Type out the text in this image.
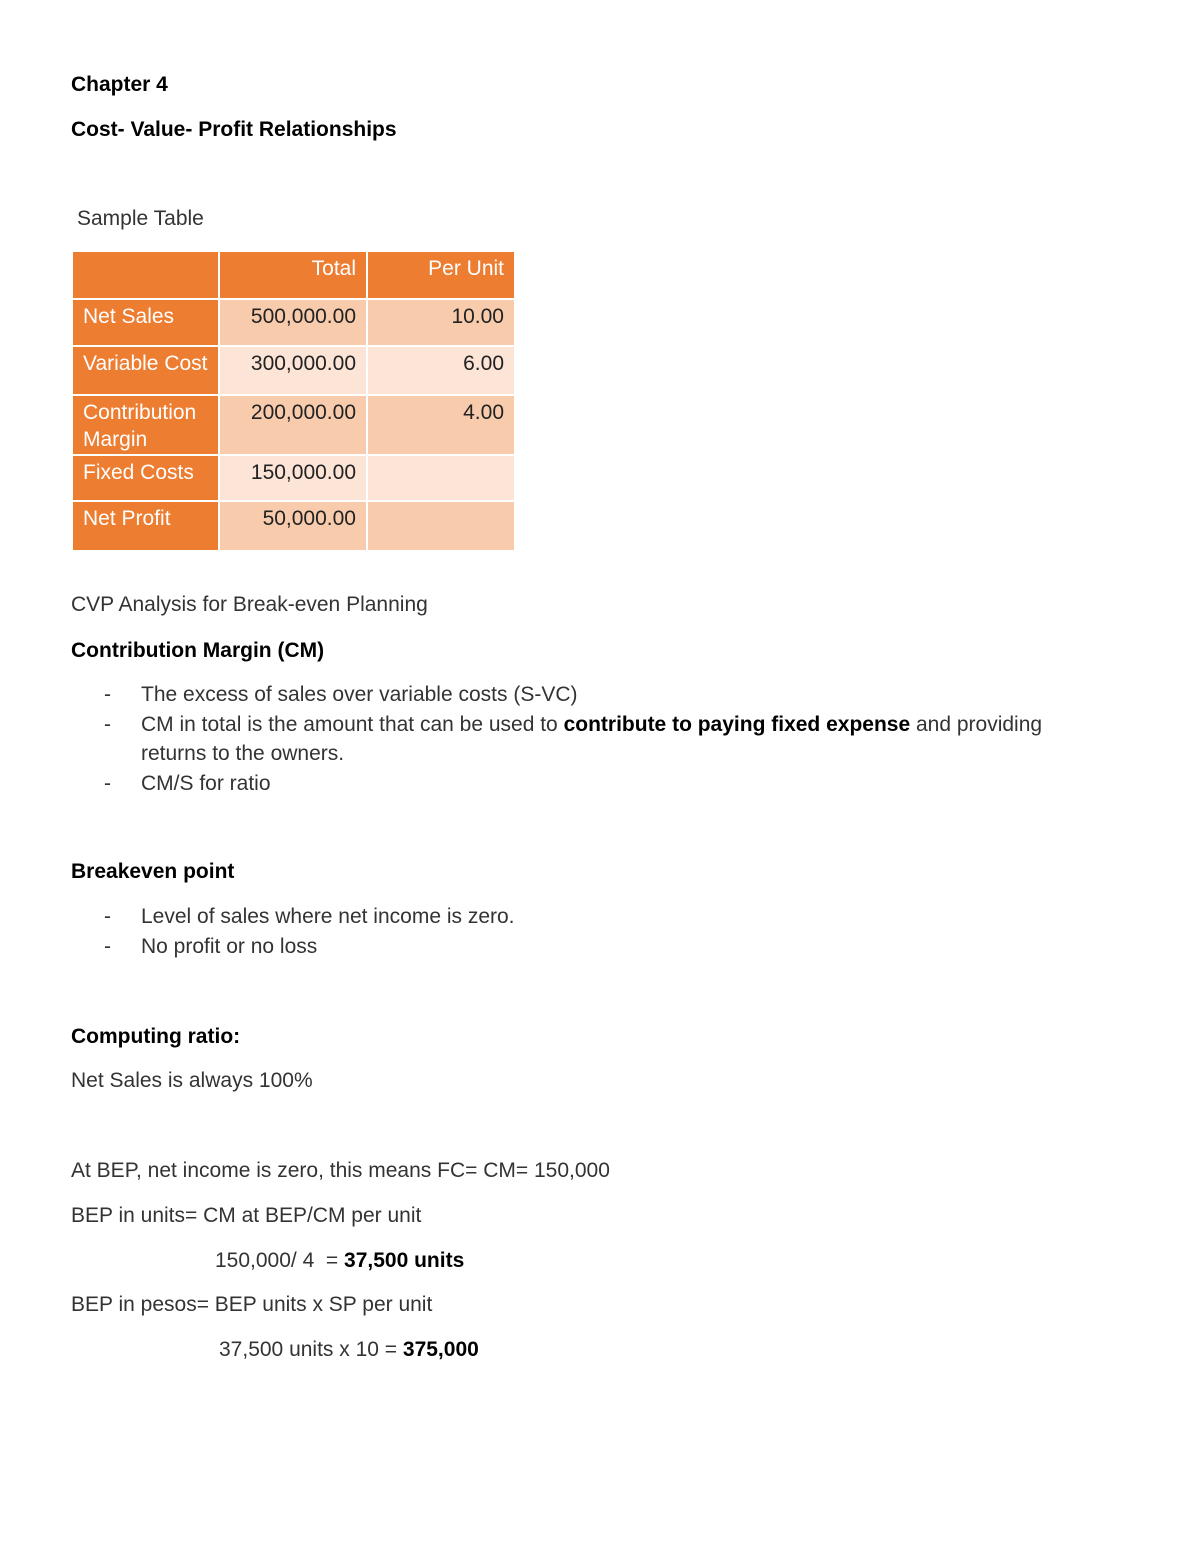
Chapter 4
Cost- Value- Profit Relationships
Sample Table
	Total	Per Unit
Net Sales	500,000.00	10.00
Variable Cost	300,000.00	6.00
Contribution Margin	200,000.00	4.00
Fixed Costs	150,000.00	
Net Profit	50,000.00	
CVP Analysis for Break-even Planning
Contribution Margin (CM)
- The excess of sales over variable costs (S-VC)
- CM in total is the amount that can be used to contribute to paying fixed expense and providing returns to the owners.
- CM/S for ratio
Breakeven point
- Level of sales where net income is zero.
- No profit or no loss
Computing ratio:
Net Sales is always 100%
At BEP, net income is zero, this means FC= CM= 150,000
BEP in units= CM at BEP/CM per unit
150,000/ 4  = 37,500 units
BEP in pesos= BEP units x SP per unit
37,500 units x 10 = 375,000
